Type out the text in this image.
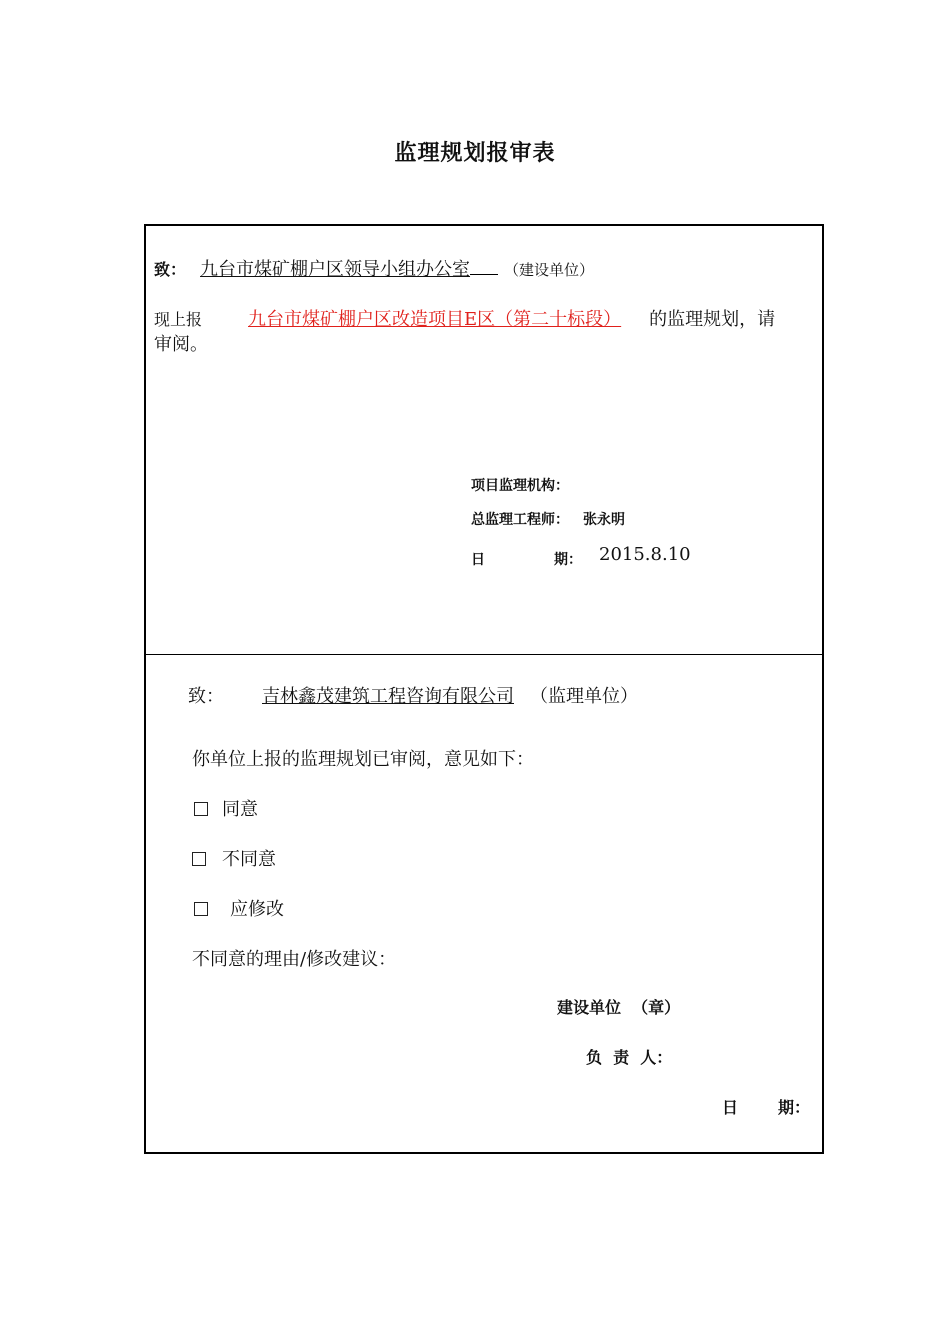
监理规划报审表
致： 九台市煤矿棚户区领导小组办公室 （建设单位）
现上报	九台市煤矿棚户区改造项目E区（第二十标段） 的监理规划，请
审阅。
项目监理机构：
总监理工程师： 张永明
日	期： 2015.8.10
致： 吉林鑫茂建筑工程咨询有限公司 （监理单位）
你单位上报的监理规划已审阅，意见如下：
同意
不同意
应修改
不同意的理由/修改建议：
建设单位  （章）
负  责  人：
日 期：
